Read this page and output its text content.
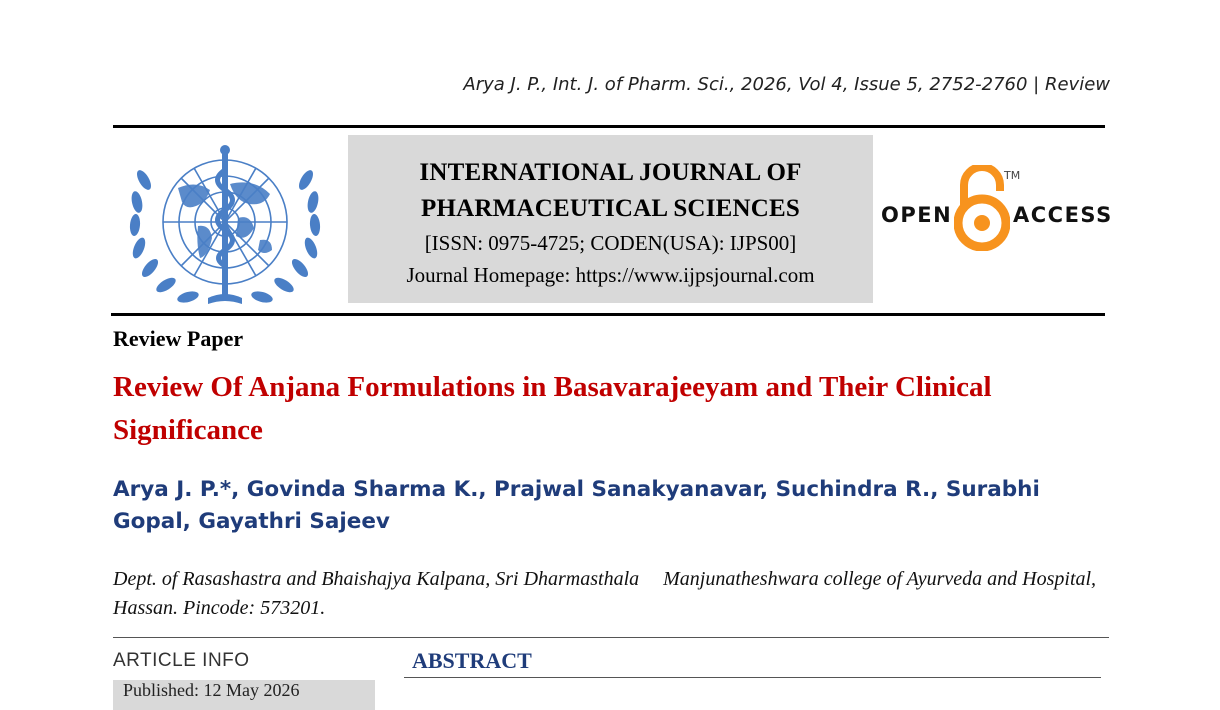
Arya J. P., Int. J. of Pharm. Sci., 2026, Vol 4, Issue 5, 2752-2760 | Review
INTERNATIONAL JOURNAL OF
PHARMACEUTICAL SCIENCES
[ISSN: 0975-4725; CODEN(USA): IJPS00]
Journal Homepage: https://www.ijpsjournal.com
OPEN
TM
ACCESS
Review Paper
Review Of Anjana Formulations in Basavarajeeyam and Their Clinical Significance
Arya J. P.*, Govinda Sharma K., Prajwal Sanakyanavar, Suchindra R., Surabhi Gopal, Gayathri Sajeev
Dept. of Rasashastra and Bhaishajya Kalpana, Sri Dharmasthala Manjunatheshwara college of Ayurveda and Hospital, Hassan. Pincode: 573201.
ARTICLE INFO
Published: 12 May 2026
ABSTRACT
